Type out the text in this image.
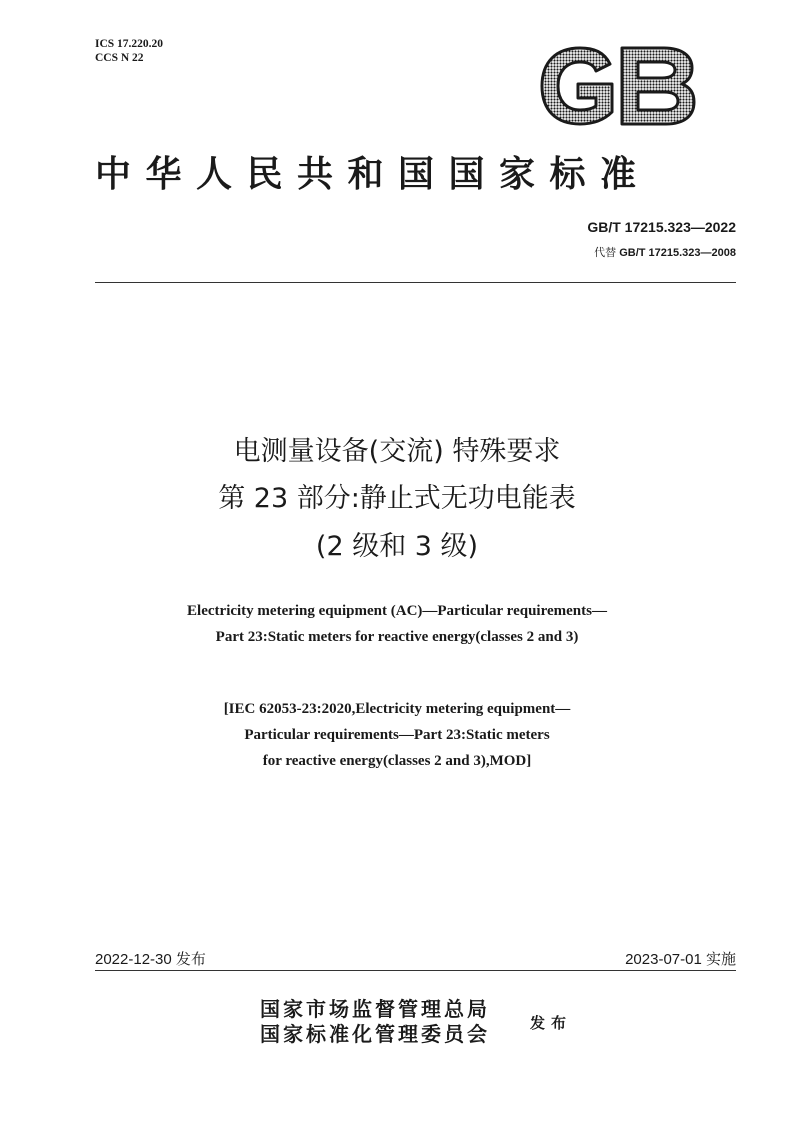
ICS 17.220.20
CCS N 22
中华人民共和国国家标准
GB/T 17215.323—2022
代替 GB/T 17215.323—2008
电测量设备(交流) 特殊要求
第 23 部分:静止式无功电能表
(2 级和 3 级)
Electricity metering equipment (AC)—Particular requirements—
Part 23:Static meters for reactive energy(classes 2 and 3)
[IEC 62053-23:2020,Electricity metering equipment—
Particular requirements—Part 23:Static meters
for reactive energy(classes 2 and 3),MOD]
2022-12-30 发布	2023-07-01 实施
国家市场监督管理总局
国家标准化管理委员会	发布
